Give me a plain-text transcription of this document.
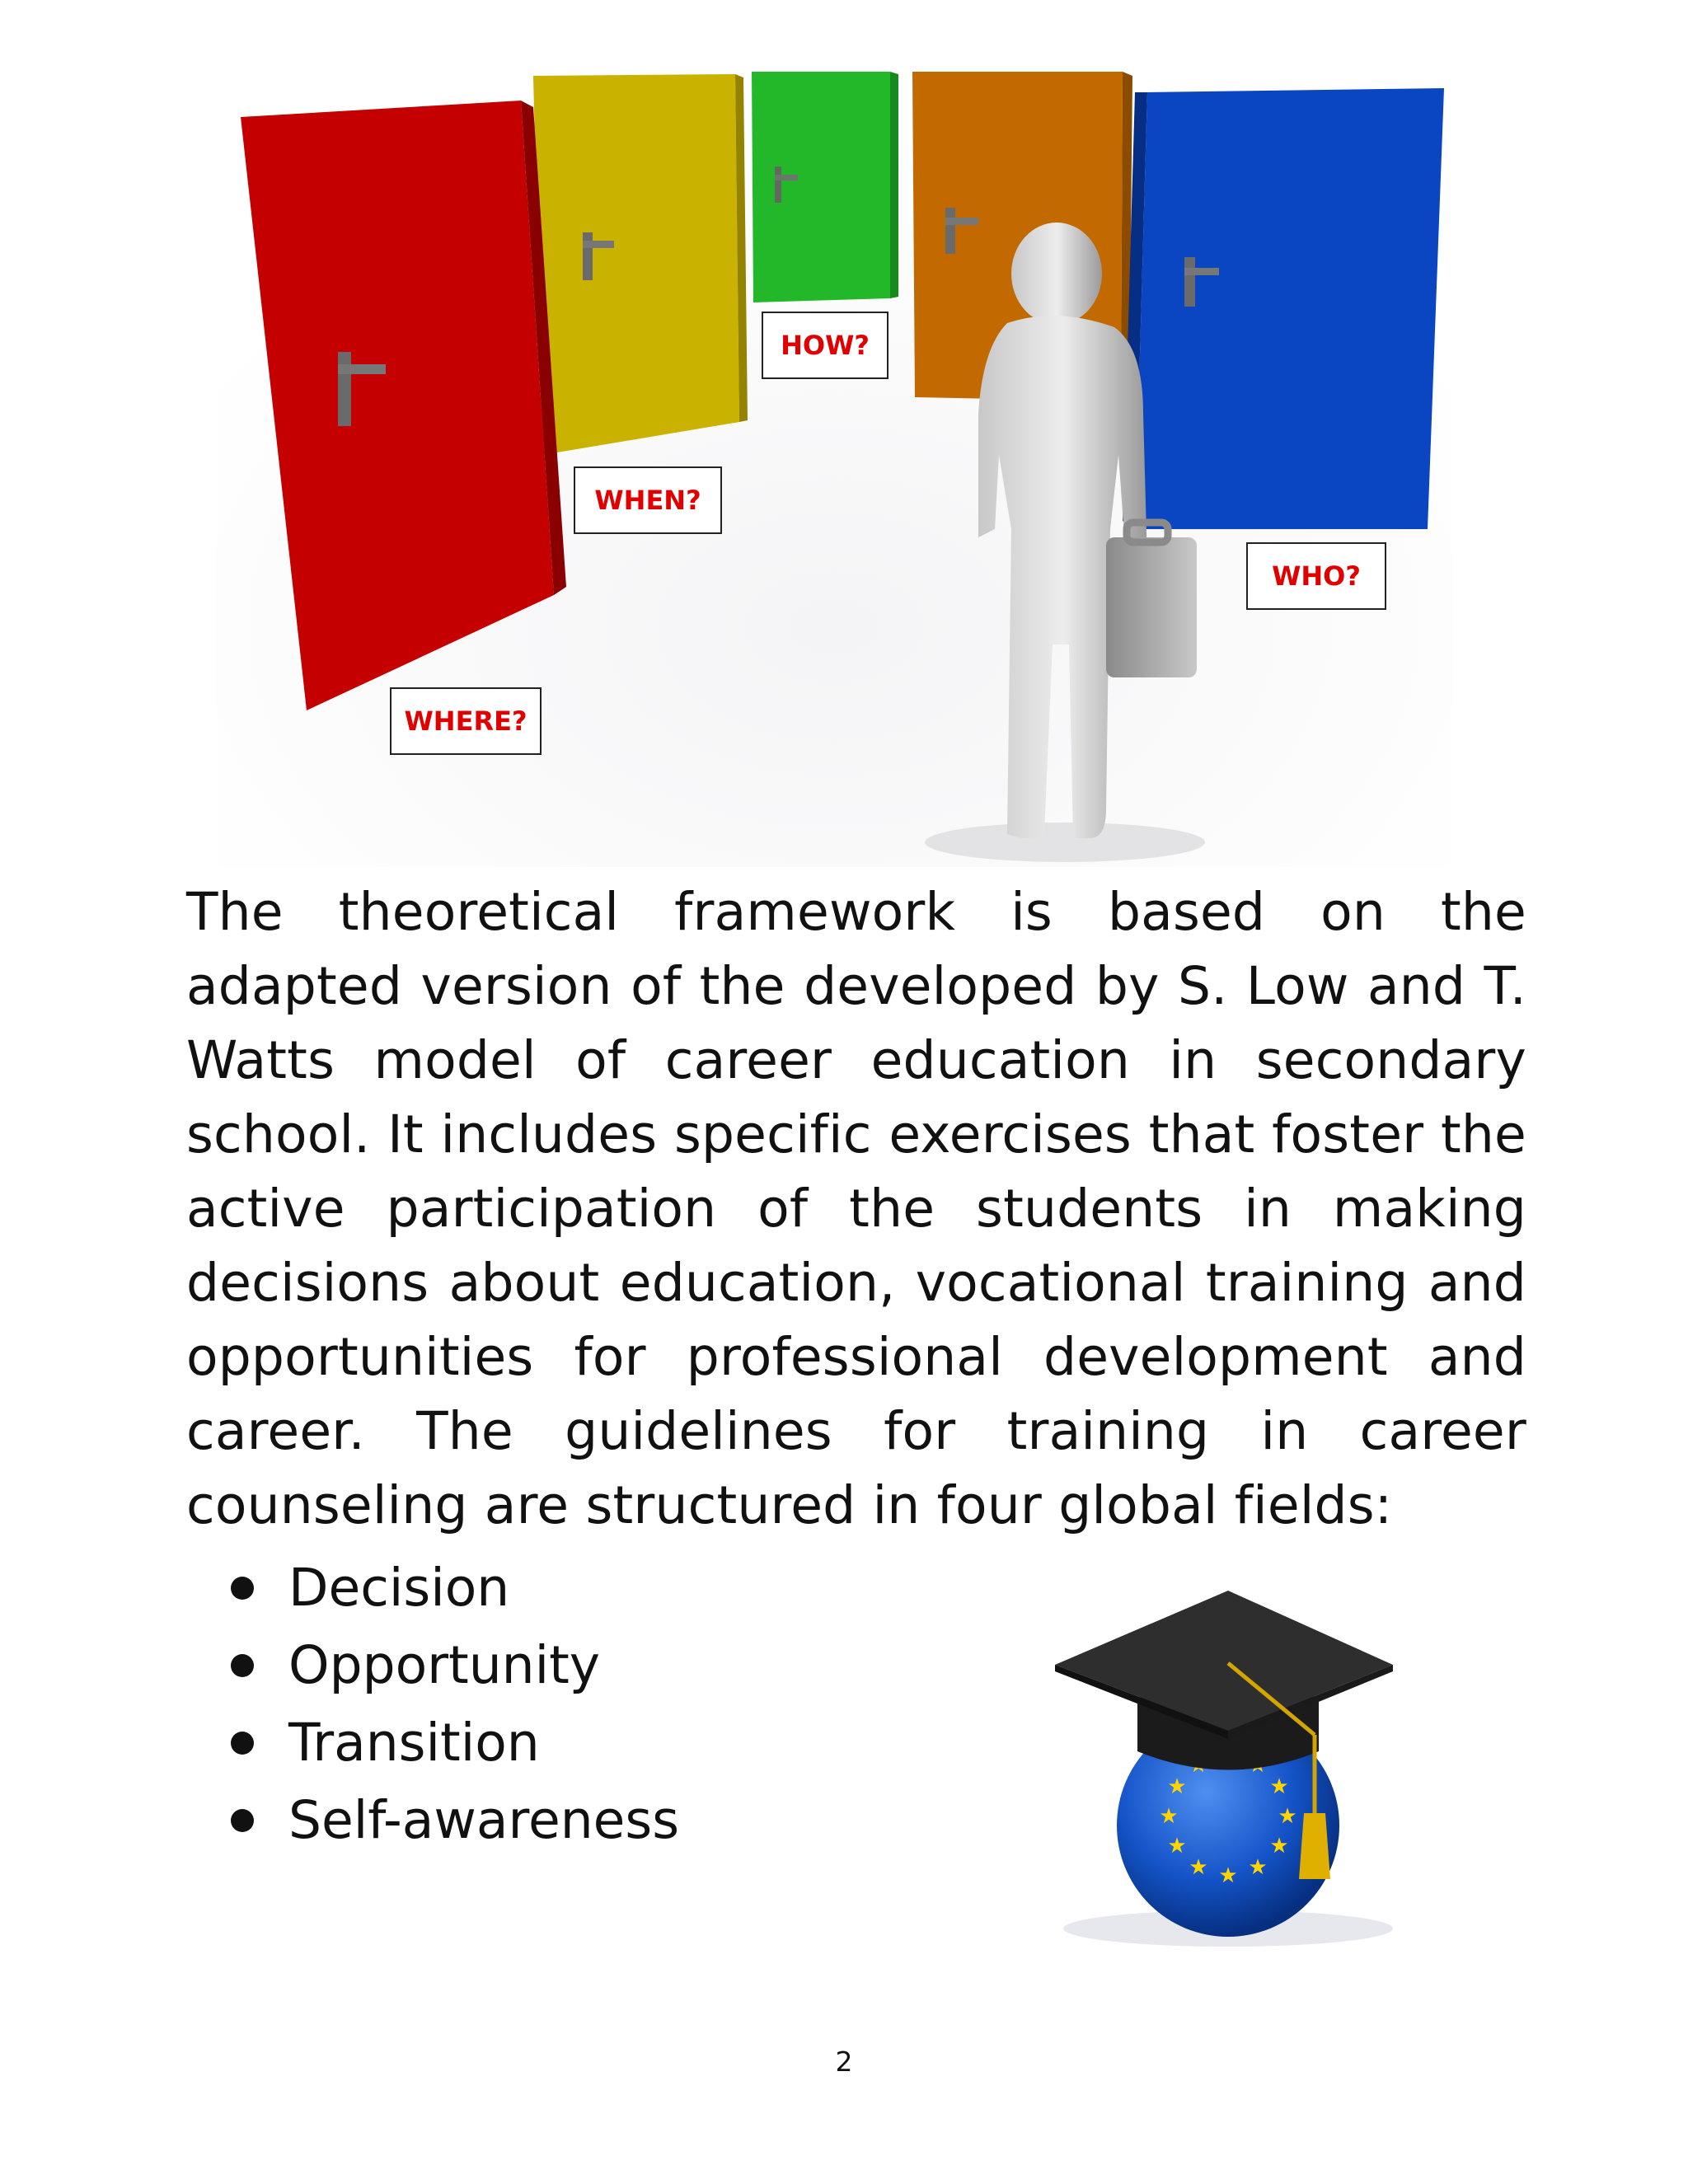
HOW?
WHEN?
WHO?
WHERE?

The theoretical framework is based on the adapted version of the developed by S. Low and T. Watts model of career education in secondary school. It includes specific exercises that foster the active participation of the students in making decisions about education, vocational training and opportunities for professional development and career. The guidelines for training in career counseling are structured in four global fields:

Decision
Opportunity
Transition
Self-awareness
★
★
★
★
★
★
★
★
★
2
